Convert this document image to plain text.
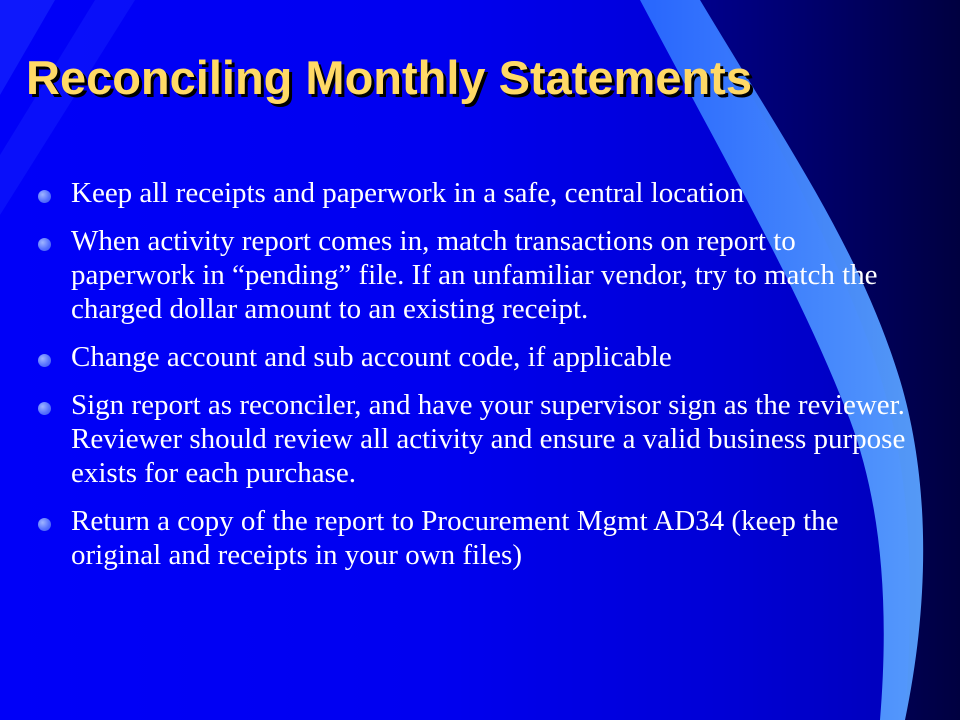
Reconciling Monthly Statements
Keep all receipts and paperwork in a safe, central location
When activity report comes in, match transactions on report to paperwork in “pending” file. If an unfamiliar vendor, try to match the charged dollar amount to an existing receipt.
Change account and sub account code, if applicable
Sign report as reconciler, and have your supervisor sign as the reviewer. Reviewer should review all activity and ensure a valid business purpose exists for each purchase.
Return a copy of the report to Procurement Mgmt AD34 (keep the original and receipts in your own files)
